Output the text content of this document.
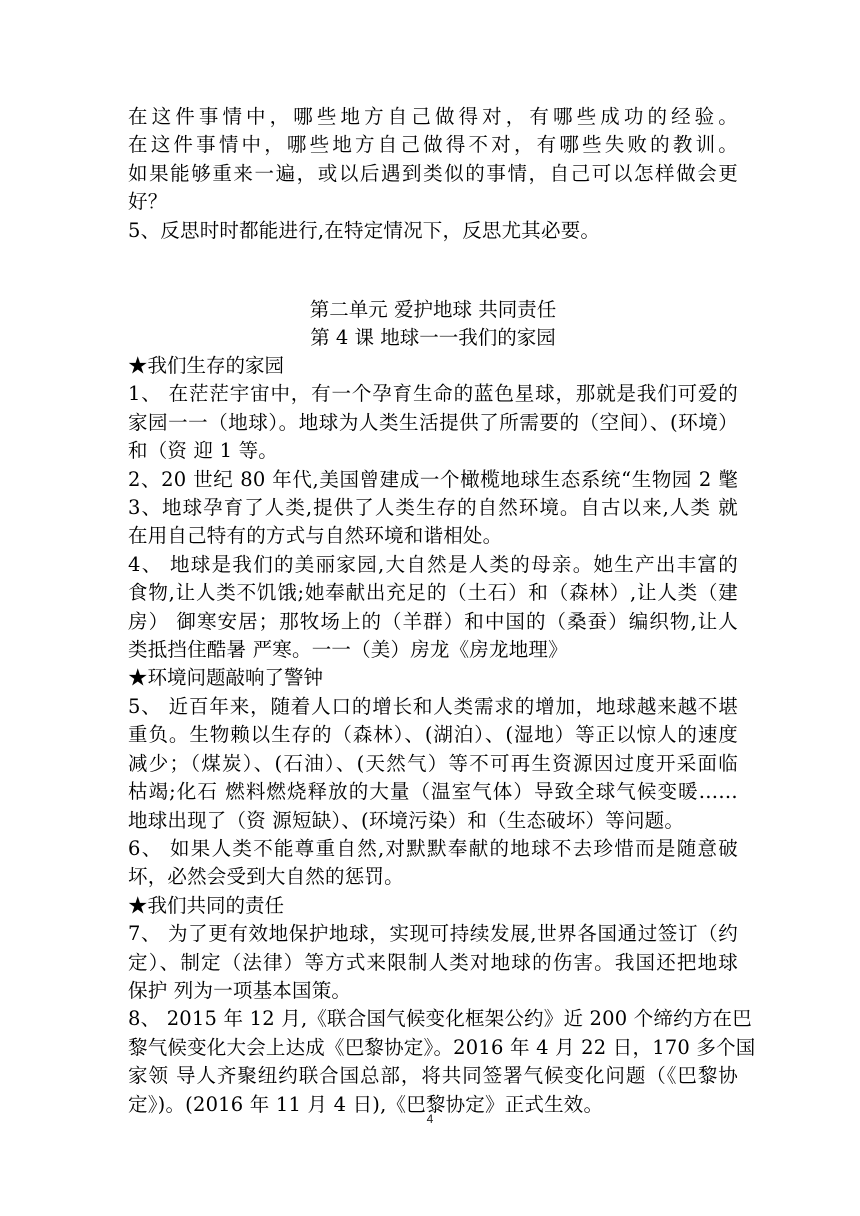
在这件事情中，哪些地方自己做得对，有哪些成功的经验。

在这件事情中，哪些地方自己做得不对，有哪些失败的教训。

如果能够重来一遍，或以后遇到类似的事情，自己可以怎样做会更

好？

5、反思时时都能进行,在特定情况下，反思尤其必要。

第二单元 爱护地球 共同责任

第 4 课 地球一一我们的家园

★我们生存的家园

1、 在茫茫宇宙中，有一个孕育生命的蓝色星球，那就是我们可爱的

家园一一（地球）。地球为人类生活提供了所需要的（空间）、(环境）

和（资 迎 1 等。

2、20 世纪 80 年代,美国曾建成一个橄榄地球生态系统“生物园 2 氅

3、地球孕育了人类,提供了人类生存的自然环境。自古以来,人类 就

在用自己特有的方式与自然环境和谐相处。

4、 地球是我们的美丽家园,大自然是人类的母亲。她生产出丰富的

食物,让人类不饥饿;她奉献出充足的（土石）和（森林）,让人类（建

房） 御寒安居；那牧场上的（羊群）和中国的（桑蚕）编织物,让人

类抵挡住酷暑 严寒。一一（美）房龙《房龙地理》

★环境问题敲响了警钟

5、 近百年来，随着人口的增长和人类需求的增加，地球越来越不堪

重负。生物赖以生存的（森林）、(湖泊）、(湿地）等正以惊人的速度

减少；（煤炭）、(石油）、(天然气）等不可再生资源因过度开采面临

枯竭;化石 燃料燃烧释放的大量（温室气体）导致全球气候变暖……

地球出现了（资 源短缺）、(环境污染）和（生态破坏）等问题。

6、 如果人类不能尊重自然,对默默奉献的地球不去珍惜而是随意破

坏，必然会受到大自然的惩罚。

★我们共同的责任

7、 为了更有效地保护地球，实现可持续发展,世界各国通过签订（约

定）、制定（法律）等方式来限制人类对地球的伤害。我国还把地球

保护 列为一项基本国策。

8、 2015 年 12 月,《联合国气候变化框架公约》近 200 个缔约方在巴

黎气候变化大会上达成《巴黎协定》。2016 年 4 月 22 日，170 多个国

家领 导人齐聚纽约联合国总部，将共同签署气候变化问题（《巴黎协

定》)。(2016 年 11 月 4 日),《巴黎协定》正式生效。

4
